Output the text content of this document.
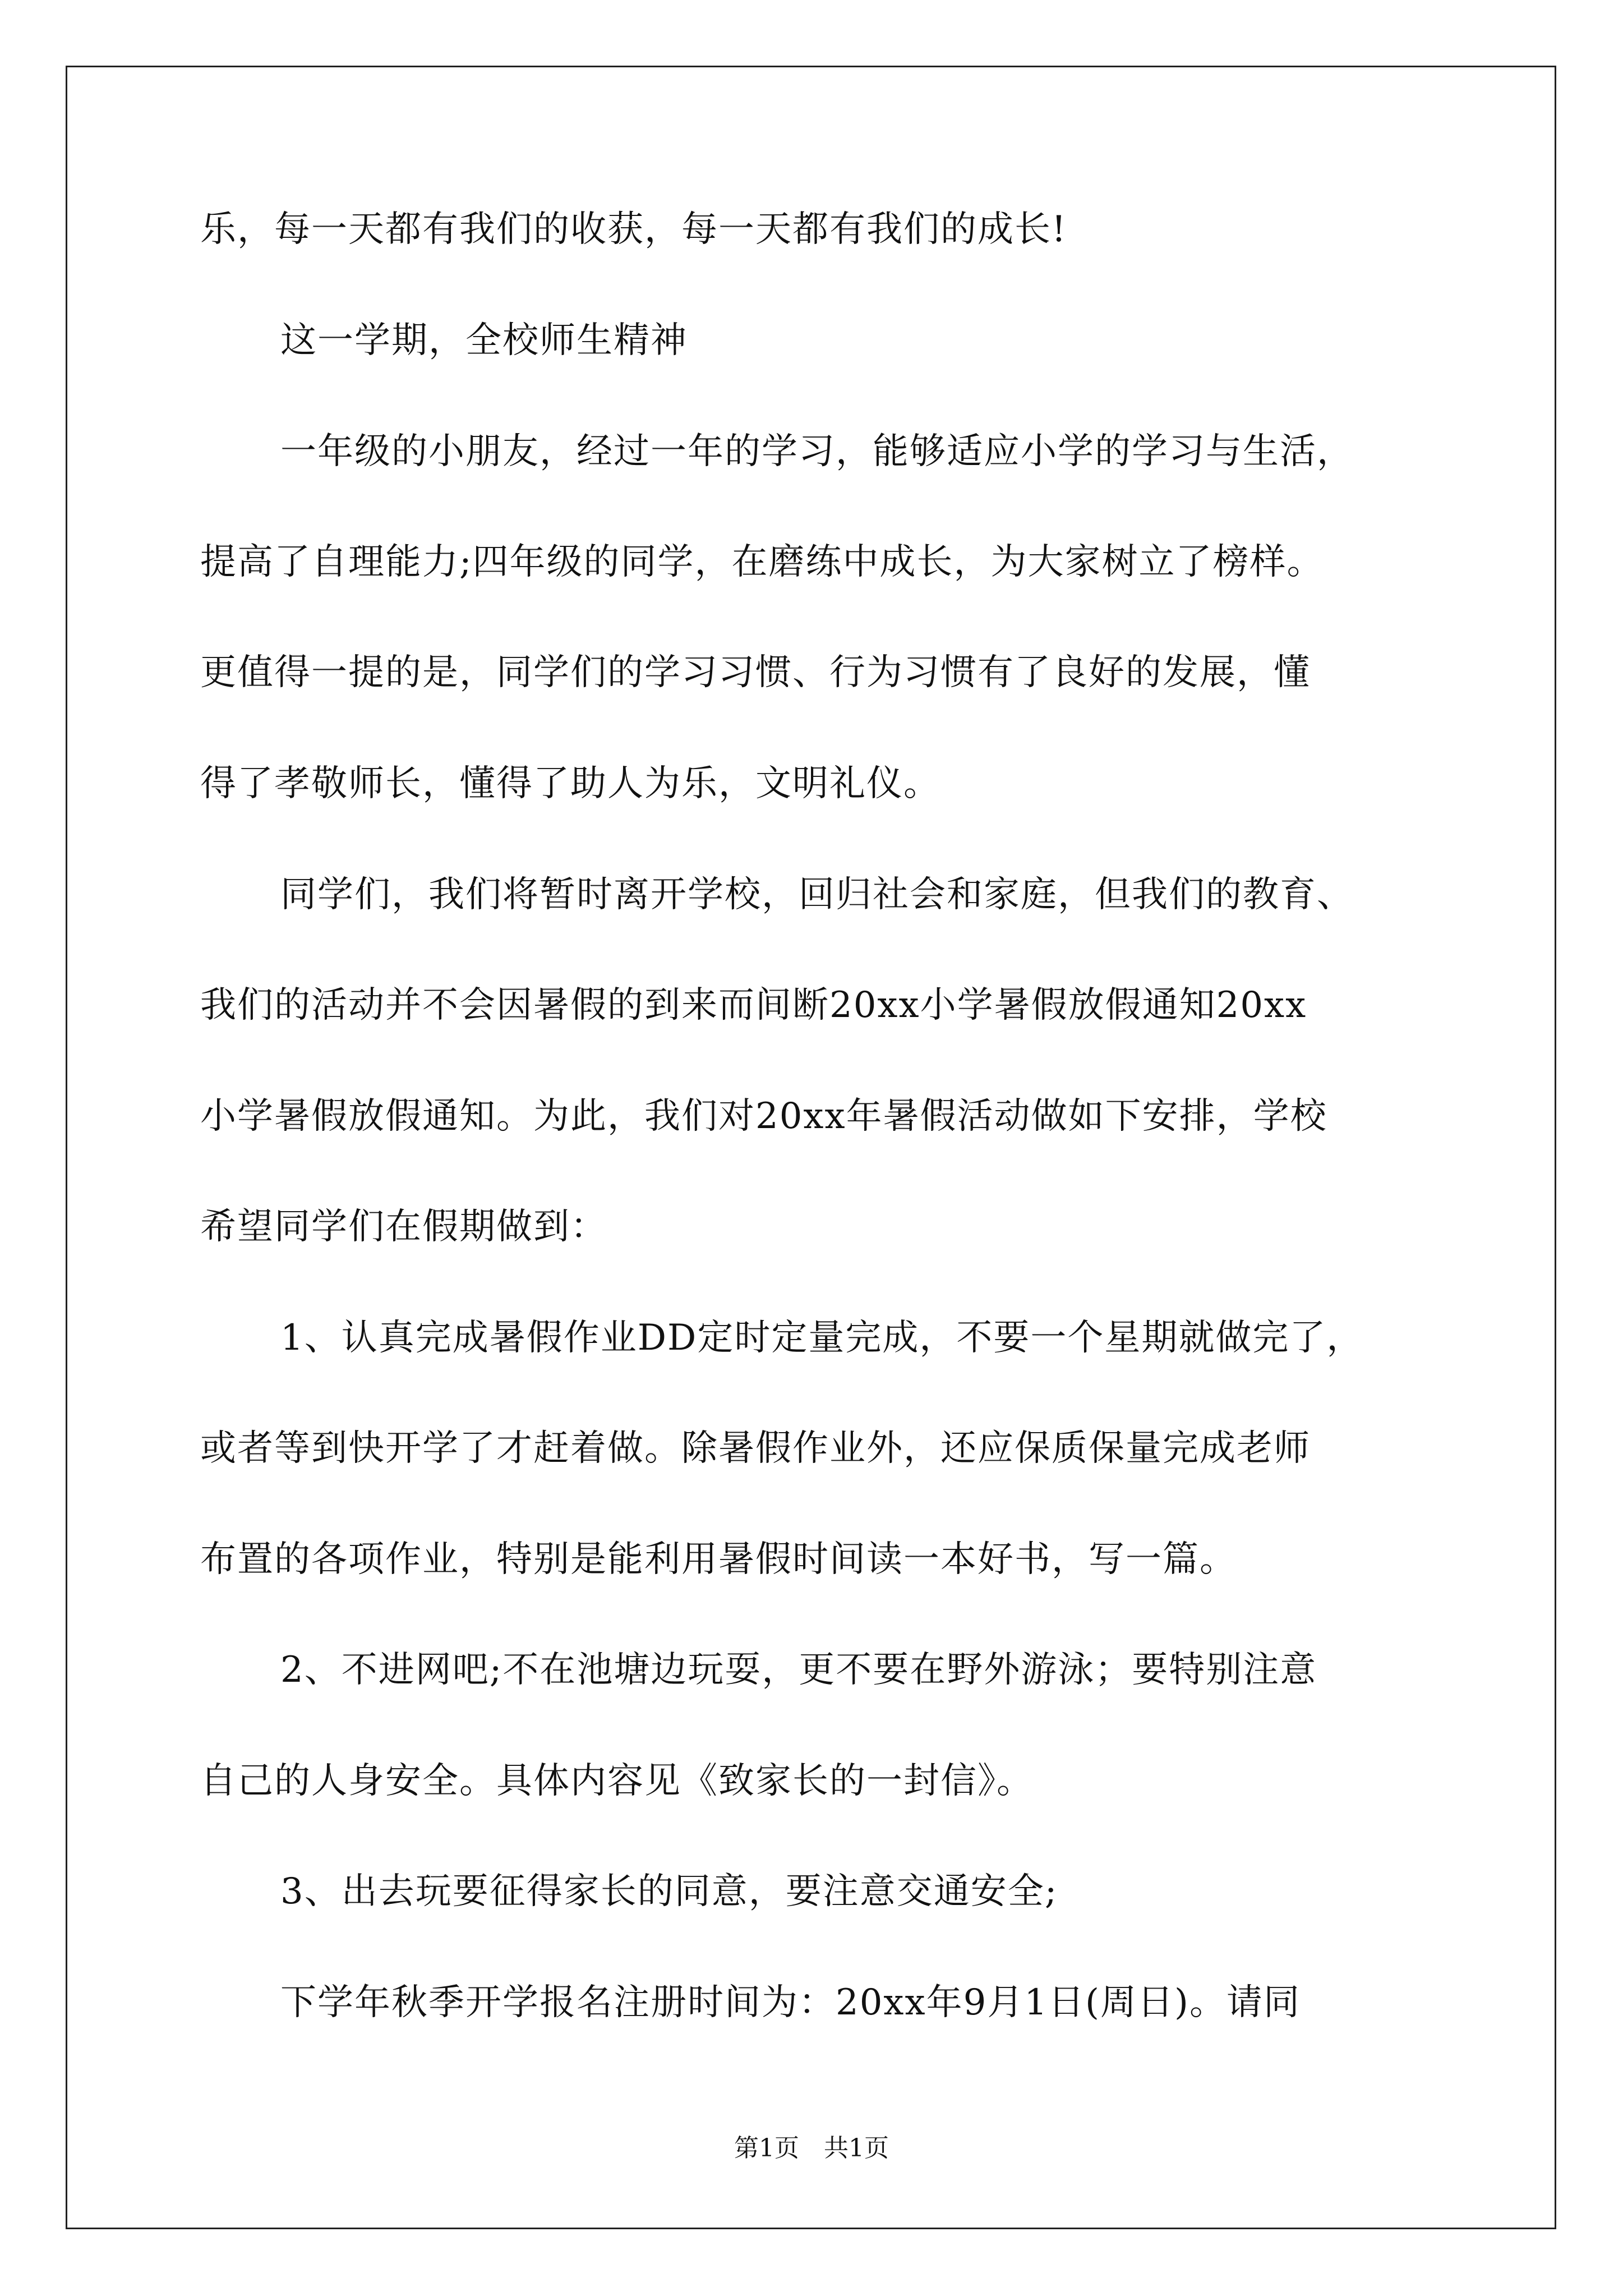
乐，每一天都有我们的收获，每一天都有我们的成长!
这一学期，全校师生精神
一年级的小朋友，经过一年的学习，能够适应小学的学习与生活，
提高了自理能力;四年级的同学，在磨练中成长，为大家树立了榜样。
更值得一提的是，同学们的学习习惯、行为习惯有了良好的发展，懂
得了孝敬师长，懂得了助人为乐，文明礼仪。
同学们，我们将暂时离开学校，回归社会和家庭，但我们的教育、
我们的活动并不会因暑假的到来而间断20xx小学暑假放假通知20xx
小学暑假放假通知。为此，我们对20xx年暑假活动做如下安排，学校
希望同学们在假期做到：
1、认真完成暑假作业DD定时定量完成，不要一个星期就做完了，
或者等到快开学了才赶着做。除暑假作业外，还应保质保量完成老师
布置的各项作业，特别是能利用暑假时间读一本好书，写一篇。
2、不进网吧;不在池塘边玩耍，更不要在野外游泳；要特别注意
自己的人身安全。具体内容见《致家长的一封信》。
3、出去玩要征得家长的同意，要注意交通安全;
下学年秋季开学报名注册时间为：20xx年9月1日(周日)。请同
第1页　共1页
